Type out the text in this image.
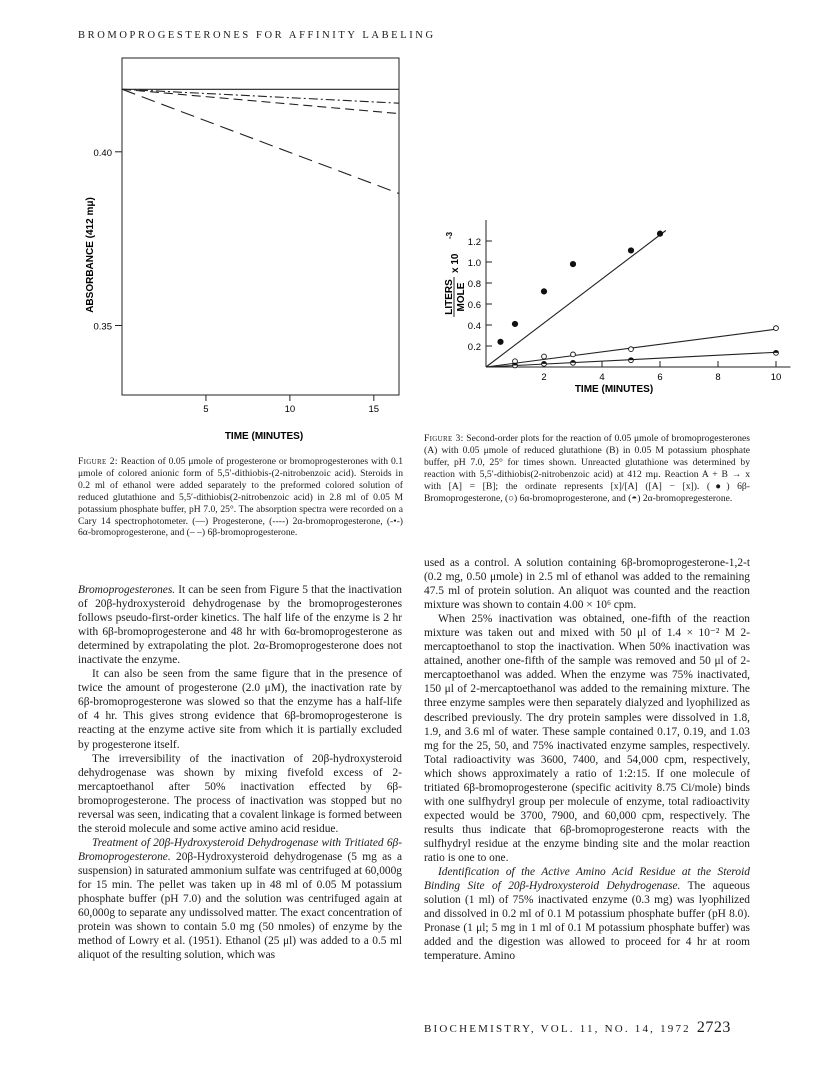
BROMOPROGESTERONES FOR AFFINITY LABELING
0.40
0.35
5	10	15
ABSORBANCE (412 mμ)
TIME (MINUTES)
Figure 2: Reaction of 0.05 μmole of progesterone or bromoprogesterones with 0.1 μmole of colored anionic form of 5,5′-dithiobis-(2-nitrobenzoic acid). Steroids in 0.2 ml of ethanol were added separately to the preformed colored solution of reduced glutathione and 5,5′-dithiobis(2-nitrobenzoic acid) in 2.8 ml of 0.05 M potassium phosphate buffer, pH 7.0, 25°. The absorption spectra were recorded on a Cary 14 spectrophotometer. (—) Progesterone, (----) 2α-bromoprogesterone, (-•-) 6α-bromoprogesterone, and (– –) 6β-bromoprogesterone.
0.2
0.4
0.6
0.8
1.0
1.2
2	4	6	8	10
LITERS MOLE
x 10
-3
TIME (MINUTES)
Figure 3: Second-order plots for the reaction of 0.05 μmole of bromoprogesterones (A) with 0.05 μmole of reduced glutathione (B) in 0.05 M potassium phosphate buffer, pH 7.0, 25° for times shown. Unreacted glutathione was determined by reaction with 5,5′-dithiobis(2-nitrobenzoic acid) at 412 mμ. Reaction A + B → x with [A] = [B]; the ordinate represents [x]/[A] ([A] − [x]). (●) 6β-Bromoprogesterone, (○) 6α-bromoprogesterone, and (◓) 2α-bromopregesterone.

Bromoprogesterones. It can be seen from Figure 5 that the inactivation of 20β-hydroxysteroid dehydrogenase by the bromoprogesterones follows pseudo-first-order kinetics. The half life of the enzyme is 2 hr with 6β-bromoprogesterone and 48 hr with 6α-bromoprogesterone as determined by extrapolating the plot. 2α-Bromoprogesterone does not inactivate the enzyme.

It can also be seen from the same figure that in the presence of twice the amount of progesterone (2.0 μM), the inactivation rate by 6β-bromoprogesterone was slowed so that the enzyme has a half-life of 4 hr. This gives strong evidence that 6β-bromoprogesterone is reacting at the enzyme active site from which it is partially excluded by progesterone itself.

The irreversibility of the inactivation of 20β-hydroxysteroid dehydrogenase was shown by mixing fivefold excess of 2-mercaptoethanol after 50% inactivation effected by 6β-bromoprogesterone. The process of inactivation was stopped but no reversal was seen, indicating that a covalent linkage is formed between the steroid molecule and some active amino acid residue.

Treatment of 20β-Hydroxysteroid Dehydrogenase with Tritiated 6β-Bromoprogesterone. 20β-Hydroxysteroid dehydrogenase (5 mg as a suspension) in saturated ammonium sulfate was centrifuged at 60,000g for 15 min. The pellet was taken up in 48 ml of 0.05 M potassium phosphate buffer (pH 7.0) and the solution was centrifuged again at 60,000g to separate any undissolved matter. The exact concentration of protein was shown to contain 5.0 mg (50 nmoles) of enzyme by the method of Lowry et al. (1951). Ethanol (25 μl) was added to a 0.5 ml aliquot of the resulting solution, which was

used as a control. A solution containing 6β-bromoprogesterone-1,2-t (0.2 mg, 0.50 μmole) in 2.5 ml of ethanol was added to the remaining 47.5 ml of protein solution. An aliquot was counted and the reaction mixture was shown to contain 4.00 × 10⁶ cpm.

When 25% inactivation was obtained, one-fifth of the reaction mixture was taken out and mixed with 50 μl of 1.4 × 10⁻² M 2-mercaptoethanol to stop the inactivation. When 50% inactivation was attained, another one-fifth of the sample was removed and 50 μl of 2-mercaptoethanol was added. When the enzyme was 75% inactivated, 150 μl of 2-mercaptoethanol was added to the remaining mixture. The three enzyme samples were then separately dialyzed and lyophilized as described previously. The dry protein samples were dissolved in 1.8, 1.9, and 3.6 ml of water. These sample contained 0.17, 0.19, and 1.03 mg for the 25, 50, and 75% inactivated enzyme samples, respectively. Total radioactivity was 3600, 7400, and 54,000 cpm, respectively, which shows approximately a ratio of 1:2:15. If one molecule of tritiated 6β-bromoprogesterone (specific acitivity 8.75 Ci/mole) binds with one sulfhydryl group per molecule of enzyme, total radioactivity expected would be 3700, 7900, and 60,000 cpm, respectively. The results thus indicate that 6β-bromoprogesterone reacts with the sulfhydryl residue at the enzyme binding site and the molar reaction ratio is one to one.

Identification of the Active Amino Acid Residue at the Steroid Binding Site of 20β-Hydroxysteroid Dehydrogenase. The aqueous solution (1 ml) of 75% inactivated enzyme (0.3 mg) was lyophilized and dissolved in 0.2 ml of 0.1 M potassium phosphate buffer (pH 8.0). Pronase (1 μl; 5 mg in 1 ml of 0.1 M potassium phosphate buffer) was added and the digestion was allowed to proceed for 4 hr at room temperature. Amino

BIOCHEMISTRY, VOL. 11, NO. 14, 1972 2723
